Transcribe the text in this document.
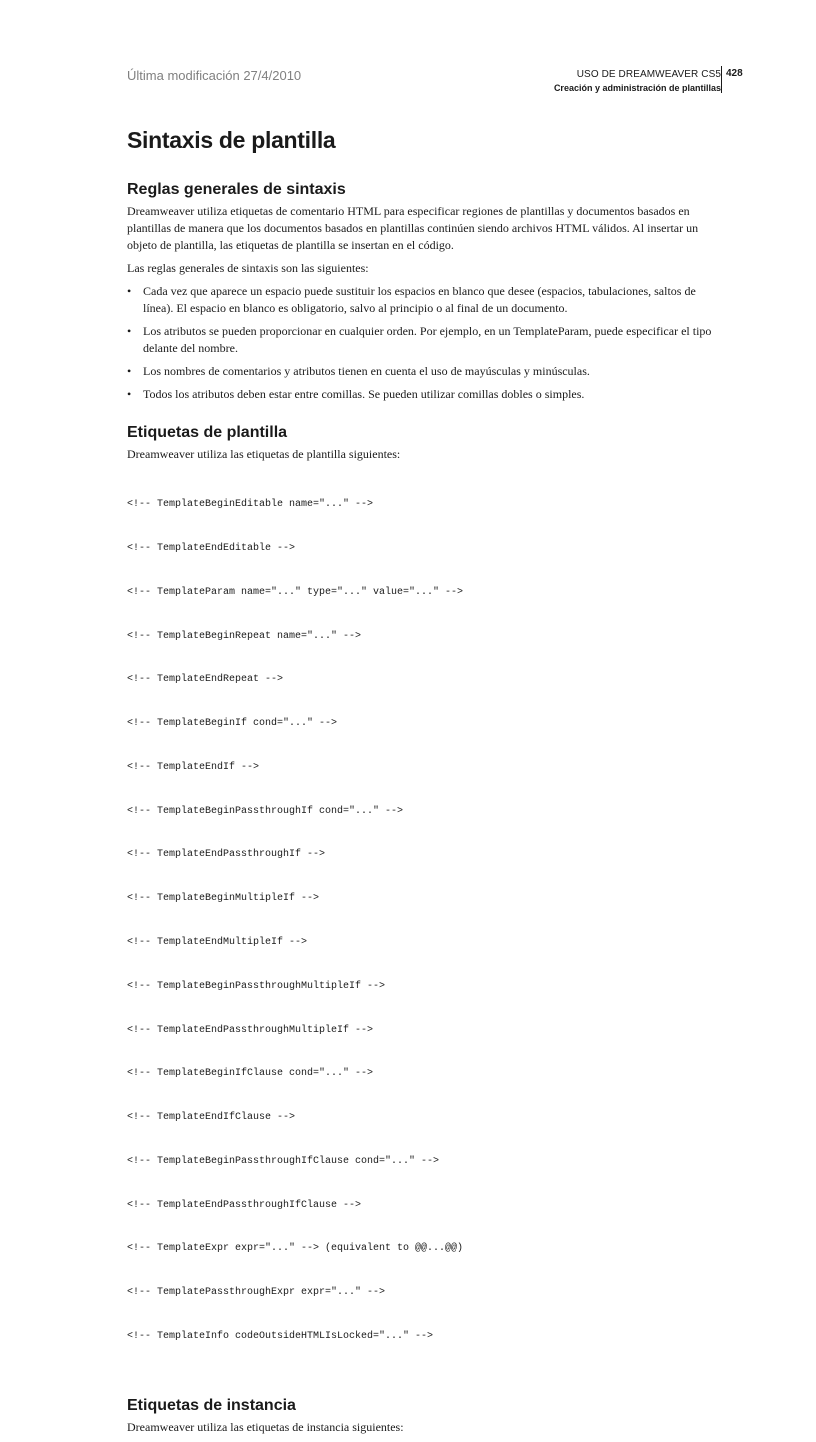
Última modificación 27/4/2010	USO DE DREAMWEAVER CS5
Creación y administración de plantillas
428
Sintaxis de plantilla
Reglas generales de sintaxis

Dreamweaver utiliza etiquetas de comentario HTML para especificar regiones de plantillas y documentos basados en plantillas de manera que los documentos basados en plantillas continúen siendo archivos HTML válidos. Al insertar un objeto de plantilla, las etiquetas de plantilla se insertan en el código.

Las reglas generales de sintaxis son las siguientes:

• Cada vez que aparece un espacio puede sustituir los espacios en blanco que desee (espacios, tabulaciones, saltos de línea). El espacio en blanco es obligatorio, salvo al principio o al final de un documento.
• Los atributos se pueden proporcionar en cualquier orden. Por ejemplo, en un TemplateParam, puede especificar el tipo delante del nombre.
• Los nombres de comentarios y atributos tienen en cuenta el uso de mayúsculas y minúsculas.
• Todos los atributos deben estar entre comillas. Se pueden utilizar comillas dobles o simples.
Etiquetas de plantilla

Dreamweaver utiliza las etiquetas de plantilla siguientes:

<!-- TemplateBeginEditable name="..." -->

<!-- TemplateEndEditable -->

<!-- TemplateParam name="..." type="..." value="..." -->

<!-- TemplateBeginRepeat name="..." -->

<!-- TemplateEndRepeat -->

<!-- TemplateBeginIf cond="..." -->

<!-- TemplateEndIf -->

<!-- TemplateBeginPassthroughIf cond="..." -->

<!-- TemplateEndPassthroughIf -->

<!-- TemplateBeginMultipleIf -->

<!-- TemplateEndMultipleIf -->

<!-- TemplateBeginPassthroughMultipleIf -->

<!-- TemplateEndPassthroughMultipleIf -->

<!-- TemplateBeginIfClause cond="..." -->

<!-- TemplateEndIfClause -->

<!-- TemplateBeginPassthroughIfClause cond="..." -->

<!-- TemplateEndPassthroughIfClause -->

<!-- TemplateExpr expr="..." --> (equivalent to @@...@@)

<!-- TemplatePassthroughExpr expr="..." -->

<!-- TemplateInfo codeOutsideHTMLIsLocked="..." -->

Etiquetas de instancia

Dreamweaver utiliza las etiquetas de instancia siguientes:
